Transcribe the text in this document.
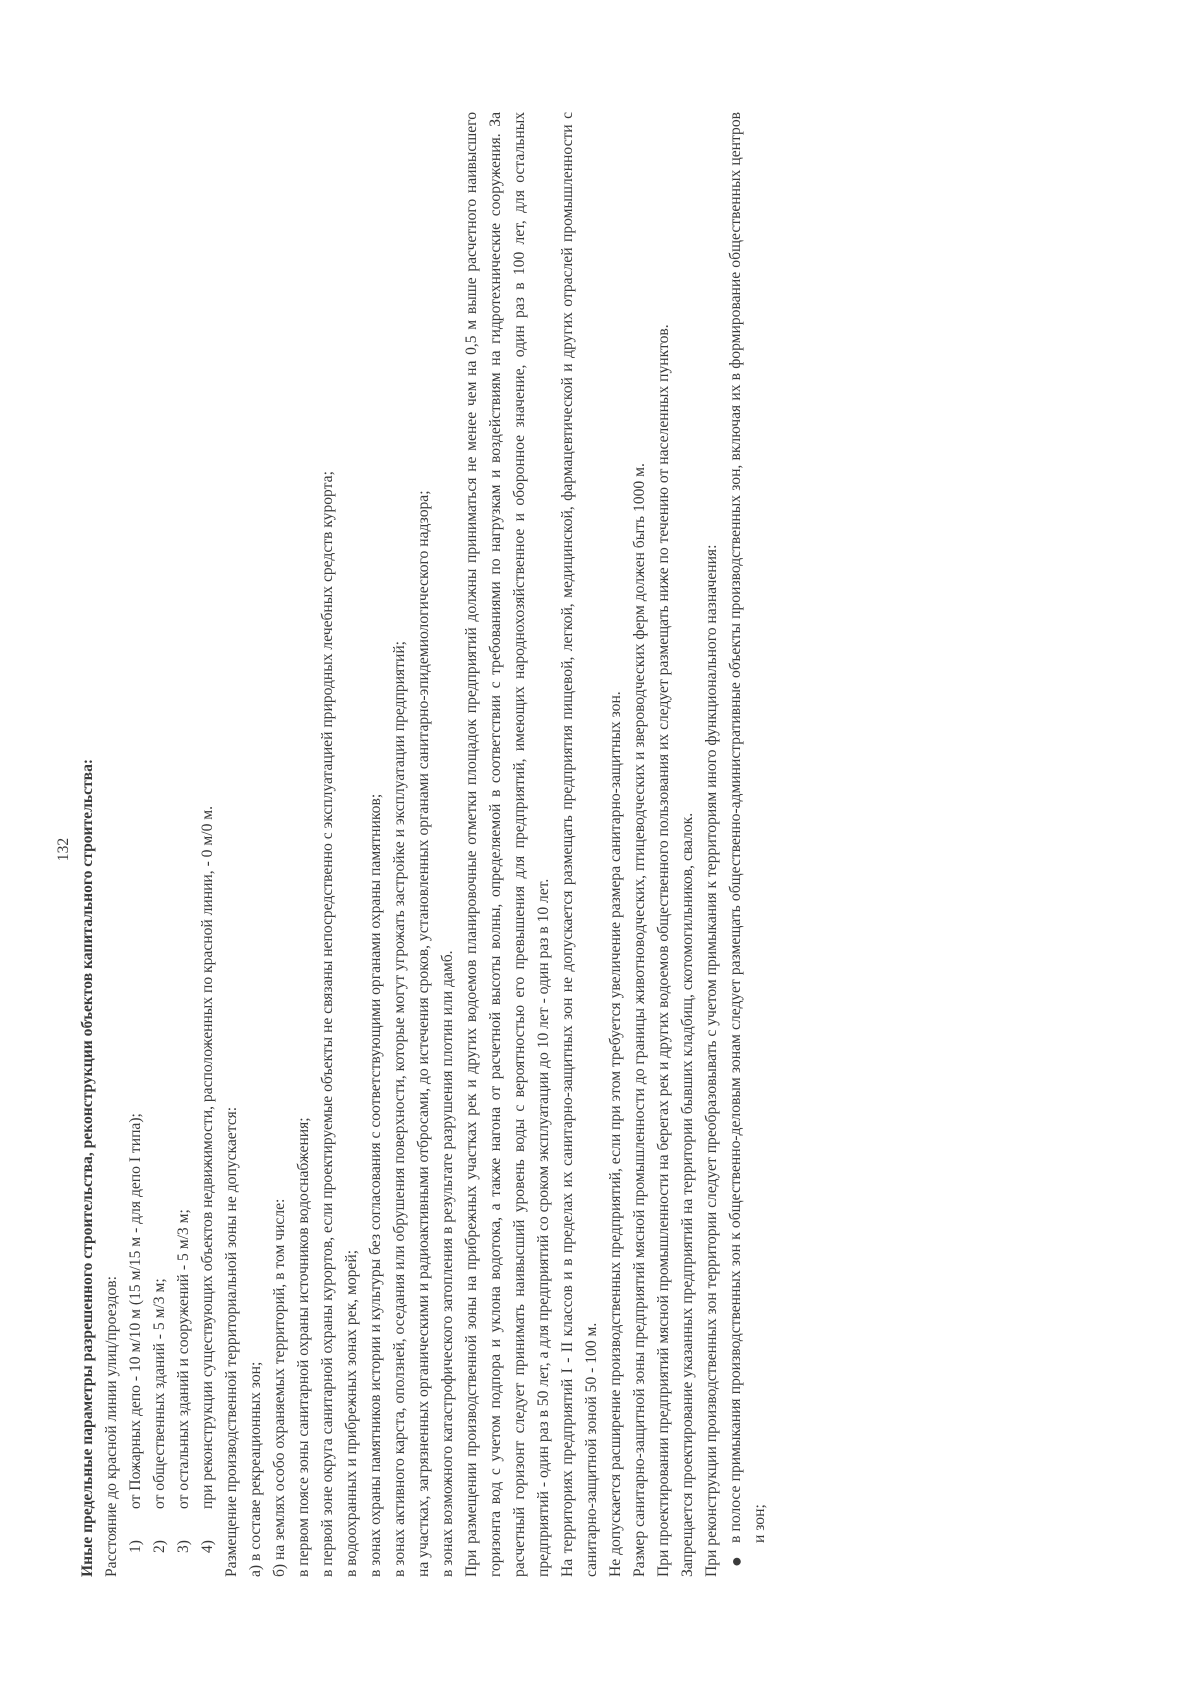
132 Иные предельные параметры разрешенного строительства, реконструкции объектов капитального строительства: Расстояние до красной линии улиц/проездов: 1)
от Пожарных депо - 10 м/10 м (15 м/15 м - для депо I типа);
2)
от общественных зданий - 5 м/3 м;
3)
от остальных зданий и сооружений - 5 м/3 м;
4)
при реконструкции существующих объектов недвижимости, расположенных по красной линии, - 0 м/0 м. Размещение производственной территориальной зоны не допускается: а) в составе рекреационных зон; б) на землях особо охраняемых территорий, в том числе: в первом поясе зоны санитарной охраны источников водоснабжения; в первой зоне округа санитарной охраны курортов, если проектируемые объекты не связаны непосредственно с эксплуатацией природных лечебных средств курорта; в водоохранных и прибрежных зонах рек, морей; в зонах охраны памятников истории и культуры без согласования с соответствующими органами охраны памятников; в зонах активного карста, оползней, оседания или обрушения поверхности, которые могут угрожать застройке и эксплуатации предприятий; на участках, загрязненных органическими и радиоактивными отбросами, до истечения сроков, установленных органами санитарно-эпидемиологического надзора; в зонах возможного катастрофического затопления в результате разрушения плотин или дамб. При размещении производственной зоны на прибрежных участках рек и других водоемов планировочные отметки площадок предприятий должны приниматься не менее чем на 0,5 м выше расчетного наивысшего горизонта вод с учетом подпора и уклона водотока, а также нагона от расчетной высоты волны, определяемой в соответствии с требованиями по нагрузкам и воздействиям на гидротехнические сооружения. За расчетный горизонт следует принимать наивысший уровень воды с вероятностью его превышения для предприятий, имеющих народнохозяйственное и оборонное значение, один раз в 100 лет, для остальных предприятий - один раз в 50 лет, а для предприятий со сроком эксплуатации до 10 лет - один раз в 10 лет. На территориях предприятий I - II классов и в пределах их санитарно-защитных зон не допускается размещать предприятия пищевой, легкой, медицинской, фармацевтической и других отраслей промышленности с санитарно-защитной зоной 50 - 100 м. Не допускается расширение производственных предприятий, если при этом требуется увеличение размера санитарно-защитных зон. Размер санитарно-защитной зоны предприятий мясной промышленности до границы животноводческих, птицеводческих и звероводческих ферм должен быть 1000 м. При проектировании предприятий мясной промышленности на берегах рек и других водоемов общественного пользования их следует размещать ниже по течению от населенных пунктов. Запрещается проектирование указанных предприятий на территории бывших кладбищ, скотомогильников, свалок. При реконструкции производственных зон территории следует преобразовывать с учетом примыкания к территориям иного функционального назначения: ●
в полосе примыкания производственных зон к общественно-деловым зонам следует размещать общественно-административные объекты производственных зон, включая их в формирование общественных центров и зон;
